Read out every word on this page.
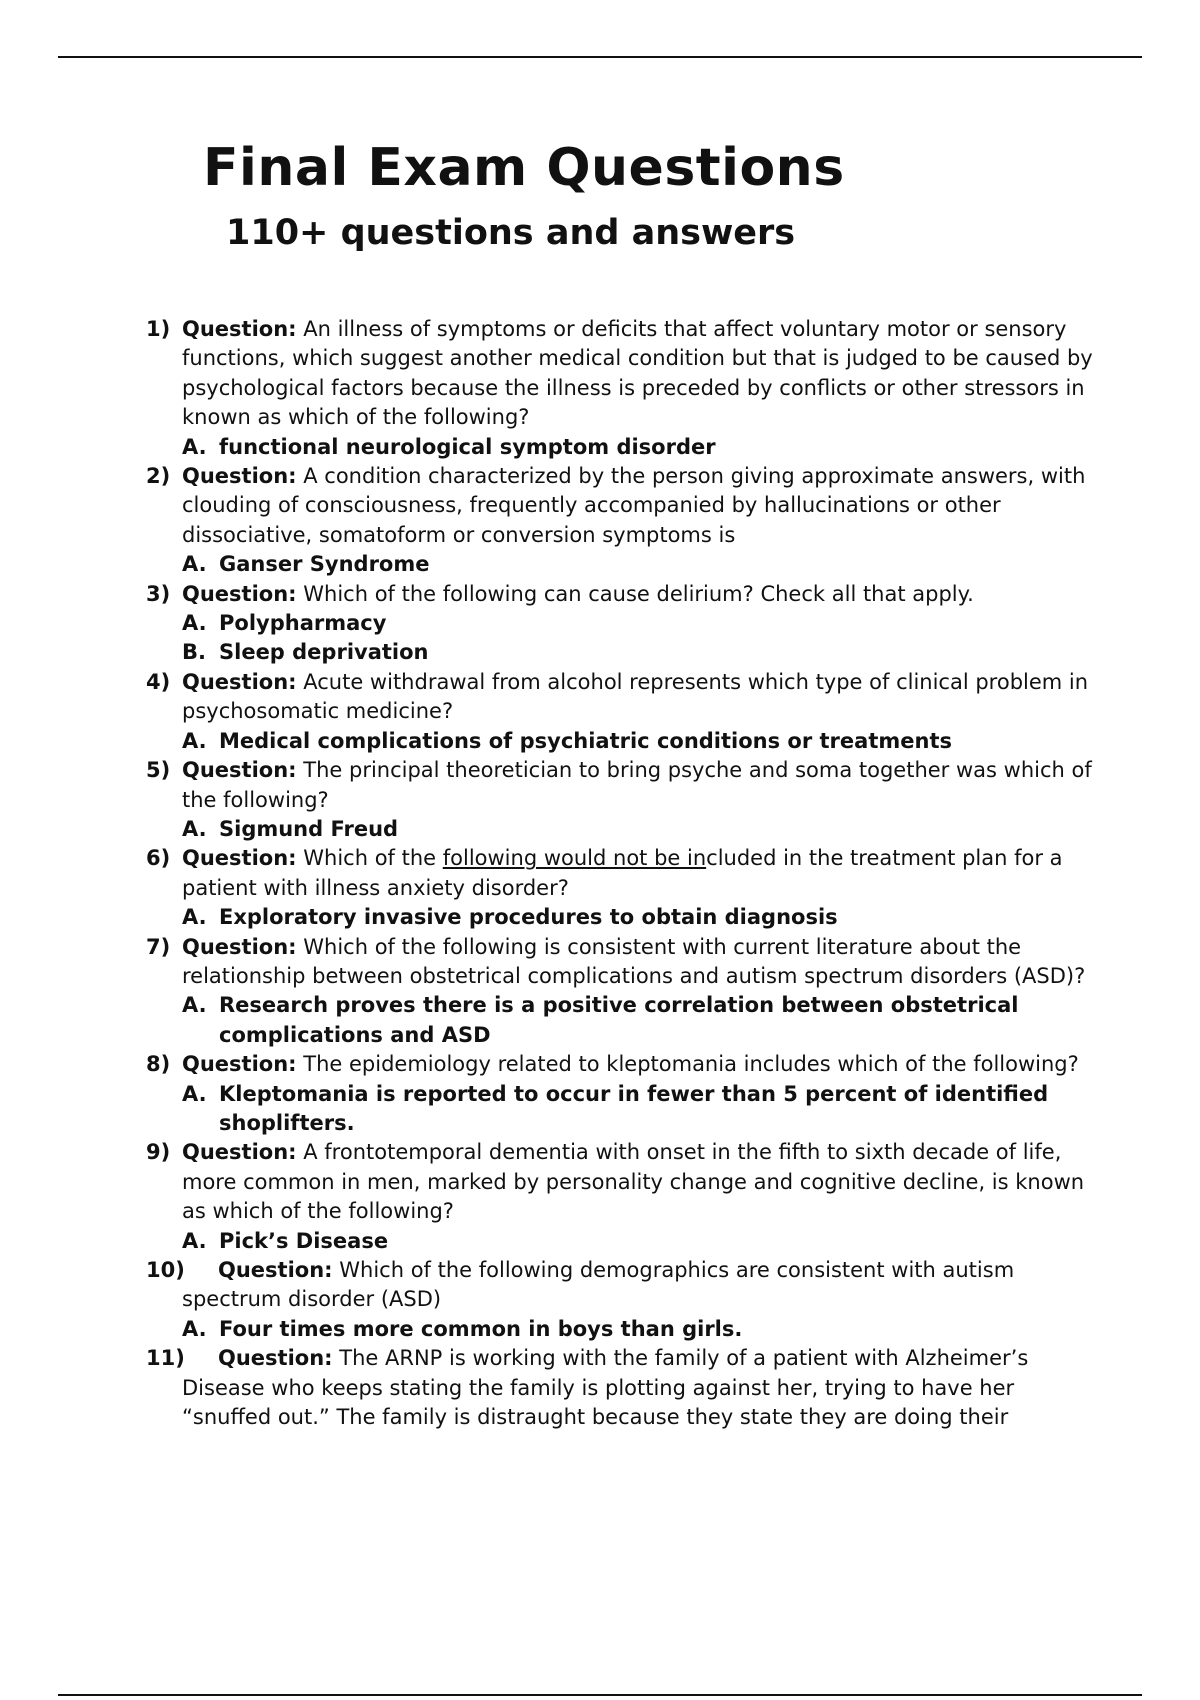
Final Exam Questions
110+ questions and answers
1) Question: An illness of symptoms or deficits that affect voluntary motor or sensory functions, which suggest another medical condition but that is judged to be caused by psychological factors because the illness is preceded by conflicts or other stressors in known as which of the following?
A. functional neurological symptom disorder
2) Question: A condition characterized by the person giving approximate answers, with clouding of consciousness, frequently accompanied by hallucinations or other dissociative, somatoform or conversion symptoms is
A. Ganser Syndrome
3) Question: Which of the following can cause delirium? Check all that apply.
A. Polypharmacy
B. Sleep deprivation
4) Question: Acute withdrawal from alcohol represents which type of clinical problem in psychosomatic medicine?
A. Medical complications of psychiatric conditions or treatments
5) Question: The principal theoretician to bring psyche and soma together was which of the following?
A. Sigmund Freud
6) Question: Which of the following would not be included in the treatment plan for a patient with illness anxiety disorder?
A. Exploratory invasive procedures to obtain diagnosis
7) Question: Which of the following is consistent with current literature about the relationship between obstetrical complications and autism spectrum disorders (ASD)?
A. Research proves there is a positive correlation between obstetrical complications and ASD
8) Question: The epidemiology related to kleptomania includes which of the following?
A. Kleptomania is reported to occur in fewer than 5 percent of identified shoplifters.
9) Question: A frontotemporal dementia with onset in the fifth to sixth decade of life, more common in men, marked by personality change and cognitive decline, is known as which of the following?
A. Pick’s Disease
10) Question: Which of the following demographics are consistent with autism spectrum disorder (ASD)
A. Four times more common in boys than girls.
11) Question: The ARNP is working with the family of a patient with Alzheimer’s Disease who keeps stating the family is plotting against her, trying to have her “snuffed out.” The family is distraught because they state they are doing their
